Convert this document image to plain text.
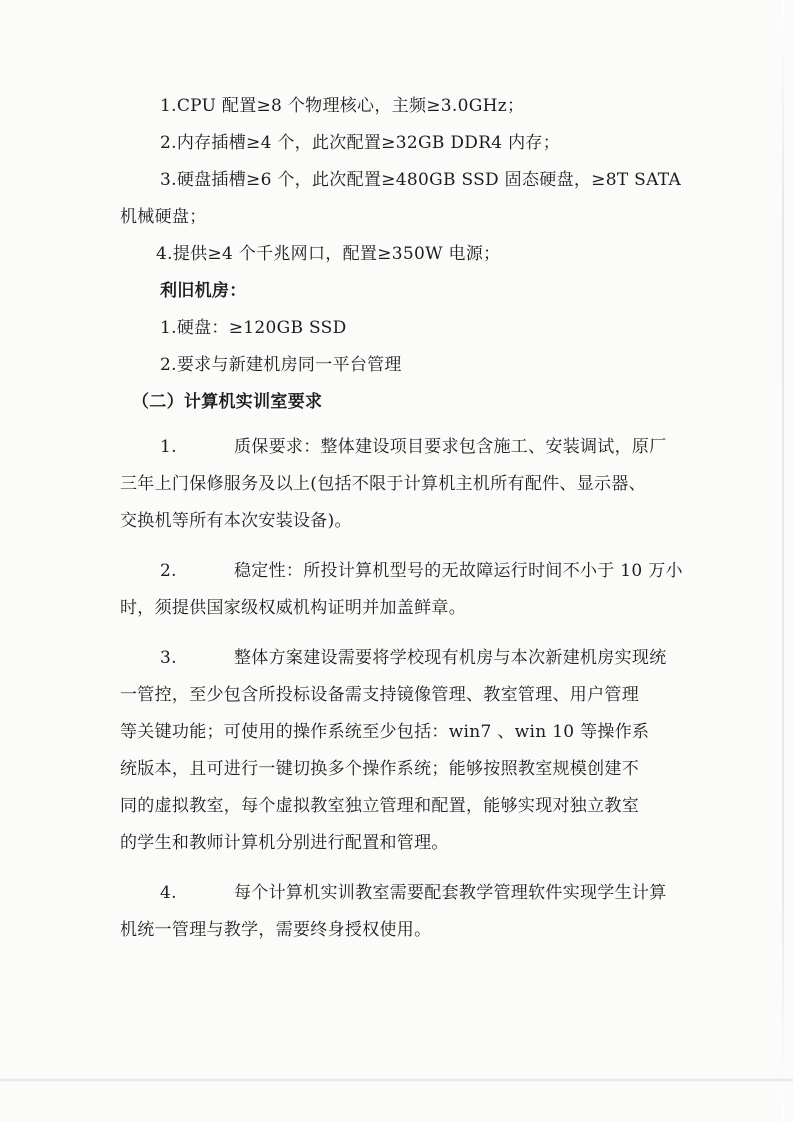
1.CPU 配置≥8 个物理核心，主频≥3.0GHz；
2.内存插槽≥4 个，此次配置≥32GB DDR4 内存；
3.硬盘插槽≥6 个，此次配置≥480GB SSD 固态硬盘，≥8T SATA
机械硬盘；
4.提供≥4 个千兆网口，配置≥350W 电源；
利旧机房：
1.硬盘：≥120GB SSD
2.要求与新建机房同一平台管理
（二）计算机实训室要求
1.	质保要求：整体建设项目要求包含施工、安装调试，原厂
三年上门保修服务及以上(包括不限于计算机主机所有配件、显示器、
交换机等所有本次安装设备)。
2.	稳定性：所投计算机型号的无故障运行时间不小于 10 万小
时，须提供国家级权威机构证明并加盖鲜章。
3.	整体方案建设需要将学校现有机房与本次新建机房实现统
一管控，至少包含所投标设备需支持镜像管理、教室管理、用户管理
等关键功能；可使用的操作系统至少包括：win7 、win 10 等操作系
统版本，且可进行一键切换多个操作系统；能够按照教室规模创建不
同的虚拟教室，每个虚拟教室独立管理和配置，能够实现对独立教室
的学生和教师计算机分别进行配置和管理。
4.	每个计算机实训教室需要配套教学管理软件实现学生计算
机统一管理与教学，需要终身授权使用。
